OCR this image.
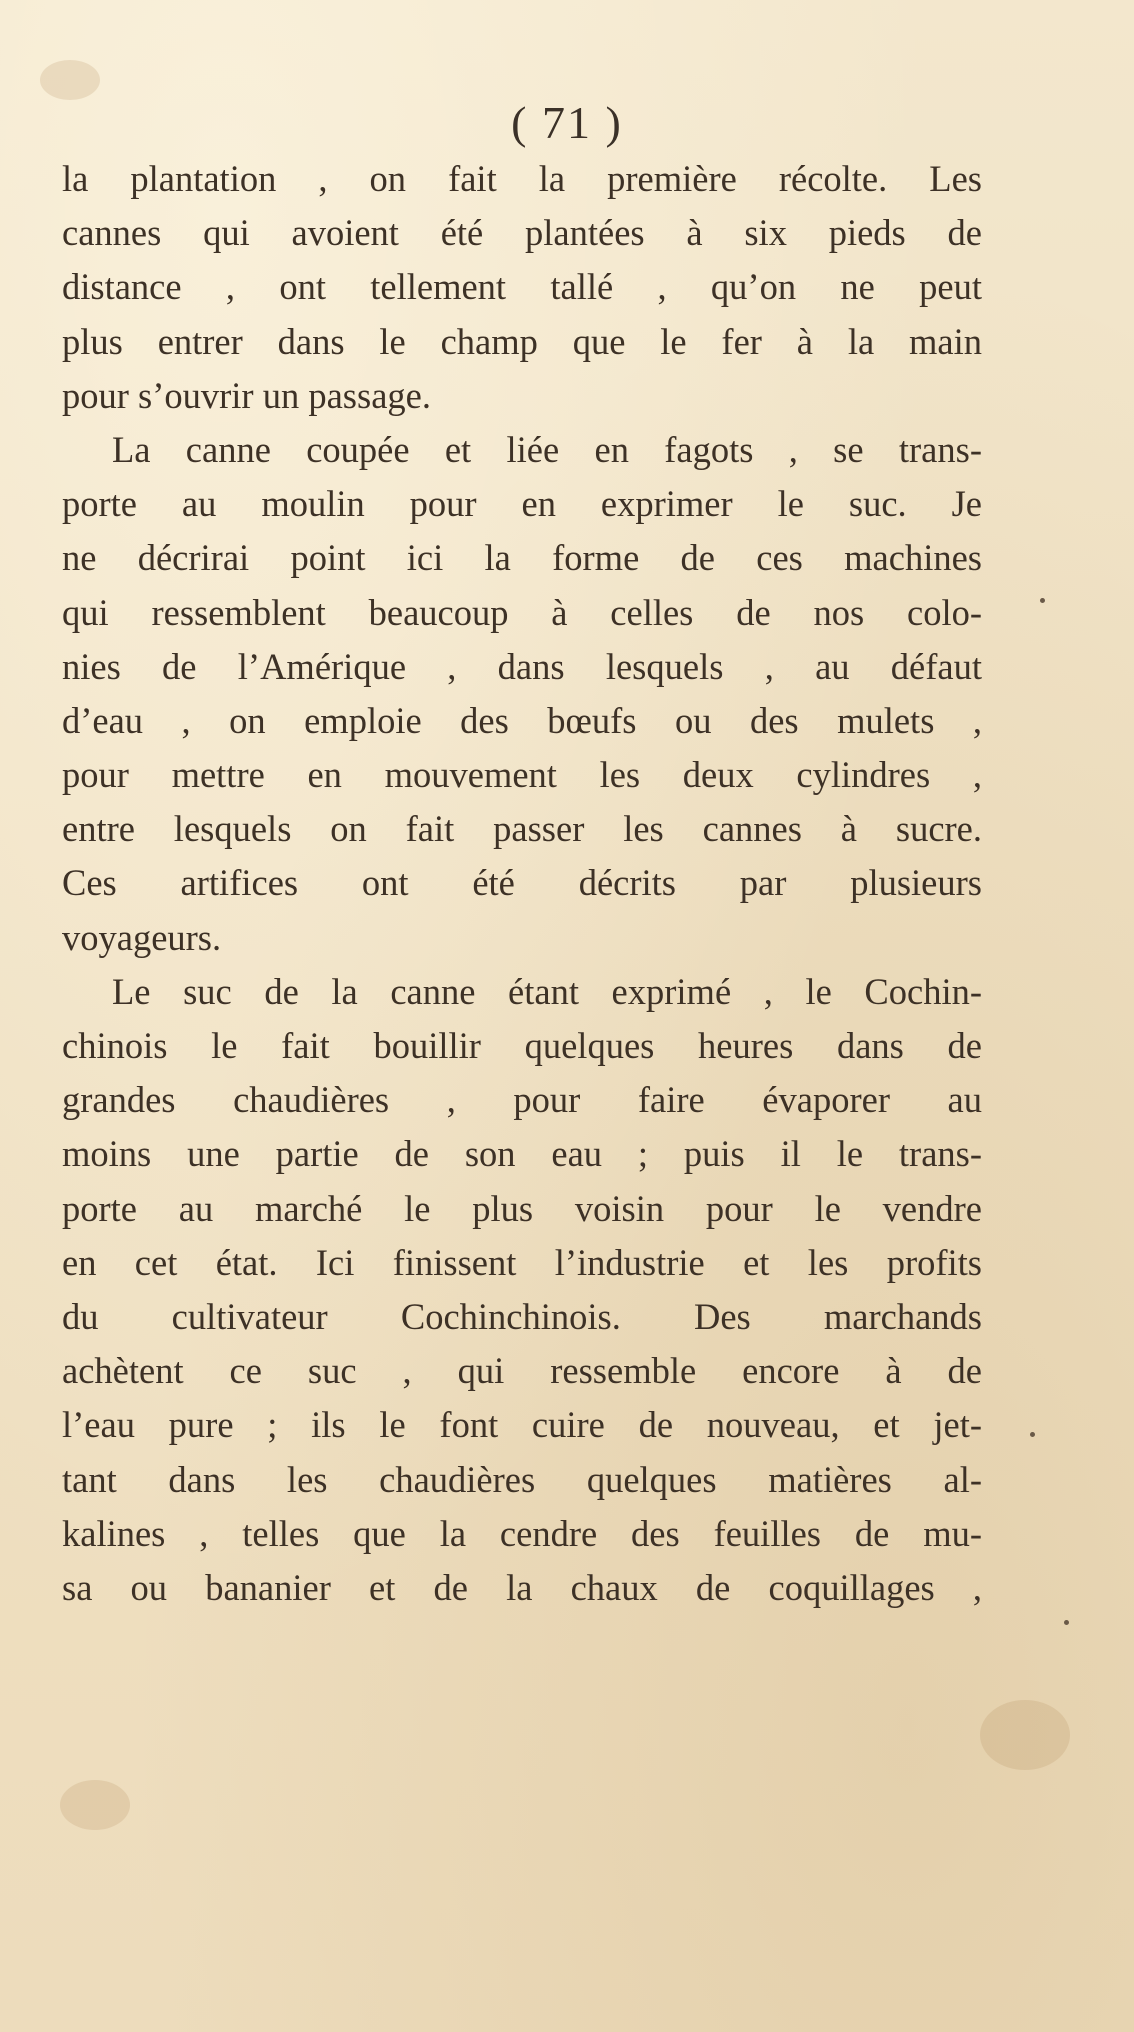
( 71 )
la plantation , on fait la première récolte. Les
cannes qui avoient été plantées à six pieds de
distance , ont tellement tallé , qu’on ne peut
plus entrer dans le champ que le fer à la main
pour s’ouvrir un passage.
La canne coupée et liée en fagots , se trans-
porte au moulin pour en exprimer le suc. Je
ne décrirai point ici la forme de ces machines
qui ressemblent beaucoup à celles de nos colo-
nies de l’Amérique , dans lesquels , au défaut
d’eau , on emploie des bœufs ou des mulets ,
pour mettre en mouvement les deux cylindres ,
entre lesquels on fait passer les cannes à sucre.
Ces artifices ont été décrits par plusieurs
voyageurs.
Le suc de la canne étant exprimé , le Cochin-
chinois le fait bouillir quelques heures dans de
grandes chaudières , pour faire évaporer au
moins une partie de son eau ; puis il le trans-
porte au marché le plus voisin pour le vendre
en cet état. Ici finissent l’industrie et les profits
du cultivateur Cochinchinois. Des marchands
achètent ce suc , qui ressemble encore à de
l’eau pure ; ils le font cuire de nouveau, et jet-
tant dans les chaudières quelques matières al-
kalines , telles que la cendre des feuilles de mu-
sa ou bananier et de la chaux de coquillages ,
